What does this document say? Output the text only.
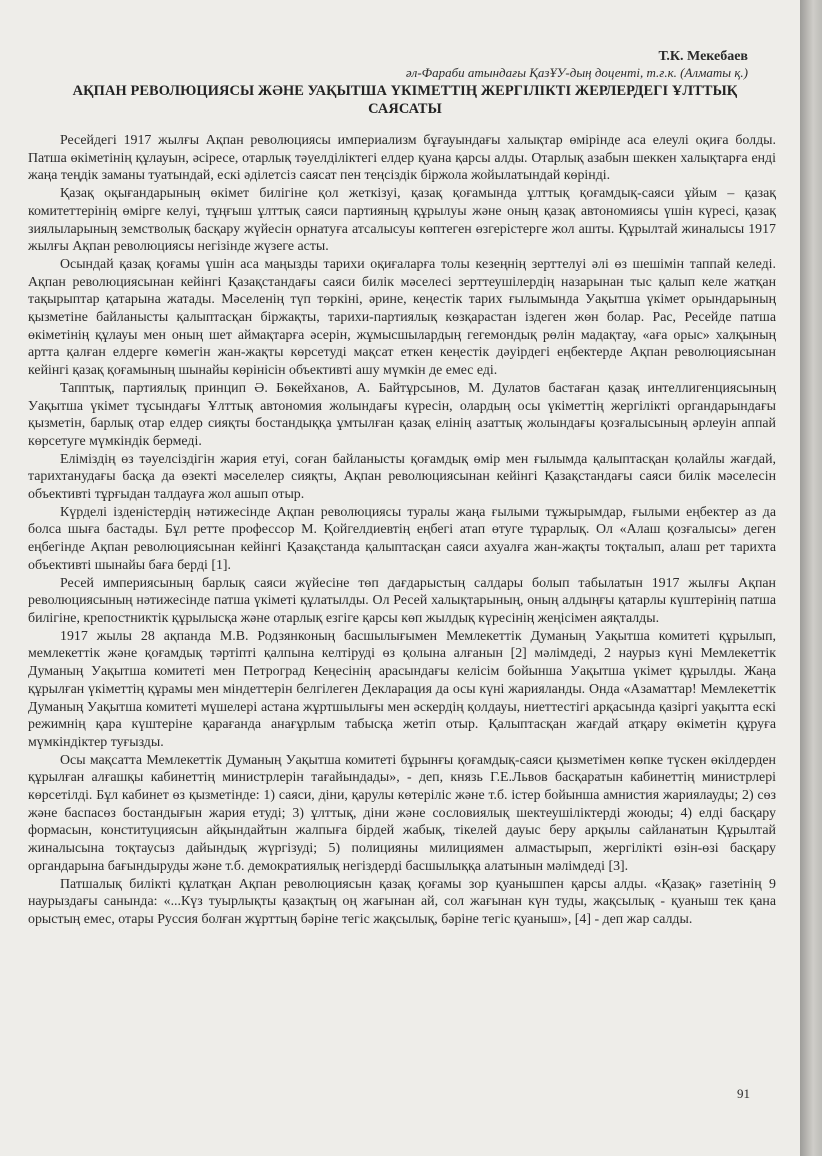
Т.К. Мекебаев
әл-Фараби атындағы ҚазҰУ-дың доценті, т.ғ.к. (Алматы қ.)
АҚПАН РЕВОЛЮЦИЯСЫ ЖӘНЕ УАҚЫТША ҮКІМЕТТІҢ ЖЕРГІЛІКТІ ЖЕРЛЕРДЕГІ ҰЛТТЫҚ САЯСАТЫ

Ресейдегі 1917 жылғы Ақпан революциясы империализм бұғауындағы халықтар өмірінде аса елеулі оқиға болды. Патша өкіметінің құлауын, әсіресе, отарлық тәуелділіктегі елдер қуана қарсы алды. Отарлық азабын шеккен халықтарға енді жаңа теңдік заманы туатындай, ескі әділетсіз саясат пен теңсіздік біржола жойылатындай көрінді.

Қазақ оқығандарының өкімет билігіне қол жеткізуі, қазақ қоғамында ұлттық қоғамдық-саяси ұйым – қазақ комитеттерінің өмірге келуі, тұңғыш ұлттық саяси партияның құрылуы және оның қазақ автономиясы үшін күресі, қазақ зиялыларының земстволық басқару жүйесін орнатуға атсалысуы көптеген өзгерістерге жол ашты. Құрылтай жиналысы 1917 жылғы Ақпан революциясы негізінде жүзеге асты.

Осындай қазақ қоғамы үшін аса маңызды тарихи оқиғаларға толы кезеңнің зерттелуі әлі өз шешімін таппай келеді. Ақпан революциясынан кейінгі Қазақстандағы саяси билік мәселесі зерттеушілердің назарынан тыс қалып келе жатқан тақырыптар қатарына жатады. Мәселенің түп төркіні, әрине, кеңестік тарих ғылымында Уақытша үкімет орындарының қызметіне байланысты қалыптасқан біржақты, тарихи-партиялық көзқарастан іздеген жөн болар. Рас, Ресейде патша өкіметінің құлауы мен оның шет аймақтарға әсерін, жұмысшылардың гегемондық рөлін мадақтау, «аға орыс» халқының артта қалған елдерге көмегін жан-жақты көрсетуді мақсат еткен кеңестік дәуірдегі еңбектерде Ақпан революциясынан кейінгі қазақ қоғамының шынайы көрінісін объективті ашу мүмкін де емес еді.

Тапптық, партиялық принцип Ә. Бөкейханов, А. Байтұрсынов, М. Дулатов бастаған қазақ интеллигенциясының Уақытша үкімет тұсындағы Ұлттық автономия жолындағы күресін, олардың осы үкіметтің жергілікті органдарындағы қызметін, барлық отар елдер сияқты бостандыққа ұмтылған қазақ елінің азаттық жолындағы қозғалысының әрлеуін аппай көрсетуге мүмкіндік бермеді.

Еліміздің өз тәуелсіздігін жария етуі, соған байланысты қоғамдық өмір мен ғылымда қалыптасқан қолайлы жағдай, тарихтанудағы басқа да өзекті мәселелер сияқты, Ақпан революциясынан кейінгі Қазақстандағы саяси билік мәселесін объективті тұрғыдан талдауға жол ашып отыр.

Күрделі ізденістердің нәтижесінде Ақпан революциясы туралы жаңа ғылыми тұжырымдар, ғылыми еңбектер аз да болса шыға бастады. Бұл ретте профессор М. Қойгелдиевтің еңбегі атап өтуге тұрарлық. Ол «Алаш қозғалысы» деген еңбегінде Ақпан революциясынан кейінгі Қазақстанда қалыптасқан саяси ахуалға жан-жақты тоқталып, алаш рет тарихта объективті шынайы баға берді [1].

Ресей империясының барлық саяси жүйесіне төп дағдарыстың салдары болып табылатын 1917 жылғы Ақпан революциясының нәтижесінде патша үкіметі құлатылды. Ол Ресей халықтарының, оның алдыңғы қатарлы күштерінің патша билігіне, крепостниктік құрылысқа және отарлық езгіге қарсы көп жылдық күресінің жеңісімен аяқталды.

1917 жылы 28 ақпанда М.В. Родзянконың басшылығымен Мемлекеттік Думаның Уақытша комитеті құрылып, мемлекеттік және қоғамдық тәртіпті қалпына келтіруді өз қолына алғанын [2] мәлімдеді, 2 наурыз күні Мемлекеттік Думаның Уақытша комитеті мен Петроград Кеңесінің арасындағы келісім бойынша Уақытша үкімет құрылды. Жаңа құрылған үкіметтің құрамы мен міндеттерін белгілеген Декларация да осы күні жарияланды. Онда «Азаматтар! Мемлекеттік Думаның Уақытша комитеті мүшелері астана жұртшылығы мен әскердің қолдауы, ниеттестігі арқасында қазіргі уақытта ескі режимнің қара күштеріне қарағанда анағұрлым табысқа жетіп отыр. Қалыптасқан жағдай атқару өкіметін құруға мүмкіндіктер туғызды.

Осы мақсатта Мемлекеттік Думаның Уақытша комитеті бұрынғы қоғамдық-саяси қызметімен көпке түскен өкілдерден құрылған алғашқы кабинеттің министрлерін тағайындады», - деп, князь Г.Е.Львов басқаратын кабинеттің министрлері көрсетілді. Бұл кабинет өз қызметінде: 1) саяси, діни, қарулы көтеріліс және т.б. істер бойынша амнистия жариялауды; 2) сөз және баспасөз бостандығын жария етуді; 3) ұлттық, діни және сословиялық шектеушіліктерді жоюды; 4) елді басқару формасын, конституциясын айқындайтын жалпыға бірдей жабық, тікелей дауыс беру арқылы сайланатын Құрылтай жиналысына тоқтаусыз дайындық жүргізуді; 5) полицияны милициямен алмастырып, жергілікті өзін-өзі басқару органдарына бағындыруды және т.б. демократиялық негіздерді басшылыққа алатынын мәлімдеді [3].

Патшалық билікті құлатқан Ақпан революциясын қазақ қоғамы зор қуанышпен қарсы алды. «Қазақ» газетінің 9 наурыздағы санында: «...Күз туырлықты қазақтың оң жағынан ай, сол жағынан күн туды, жақсылық - қуаныш тек қана орыстың емес, отары Руссия болған жұрттың бәріне тегіс жақсылық, бәріне тегіс қуаныш», [4] - деп жар салды.

91
